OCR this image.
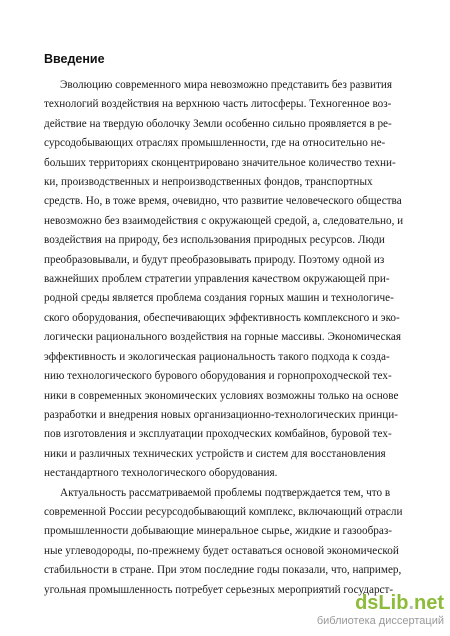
Введение
Эволюцию современного мира невозможно представить без развития
технологий воздействия на верхнюю часть литосферы. Техногенное воз-
действие на твердую оболочку Земли особенно сильно проявляется в ре-
сурсодобывающих отраслях промышленности, где на относительно не-
больших территориях сконцентрировано значительное количество техни-
ки, производственных и непроизводственных фондов, транспортных
средств. Но, в тоже время, очевидно, что развитие человеческого общества
невозможно без взаимодействия с окружающей средой, а, следовательно, и
воздействия на природу, без использования природных ресурсов. Люди
преобразовывали, и будут преобразовывать природу. Поэтому одной из
важнейших проблем стратегии управления качеством окружающей при-
родной среды является проблема создания горных машин и технологиче-
ского оборудования, обеспечивающих эффективность комплексного и эко-
логически рационального воздействия на горные массивы. Экономическая
эффективность и экологическая рациональность такого подхода к созда-
нию технологического бурового оборудования и горнопроходческой тех-
ники в современных экономических условиях возможны только на основе
разработки и внедрения новых организационно-технологических принци-
пов изготовления и эксплуатации проходческих комбайнов, буровой тех-
ники и различных технических устройств и систем для восстановления
нестандартного технологического оборудования.
Актуальность рассматриваемой проблемы подтверждается тем, что в
современной России ресурсодобывающий комплекс, включающий отрасли
промышленности добывающие минеральное сырье, жидкие и газообраз-
ные углеводороды, по-прежнему будет оставаться основой экономической
стабильности в стране. При этом последние годы показали, что, например,
угольная промышленность потребует серьезных мероприятий государст-
dsLib.net
библиотека диссертаций
